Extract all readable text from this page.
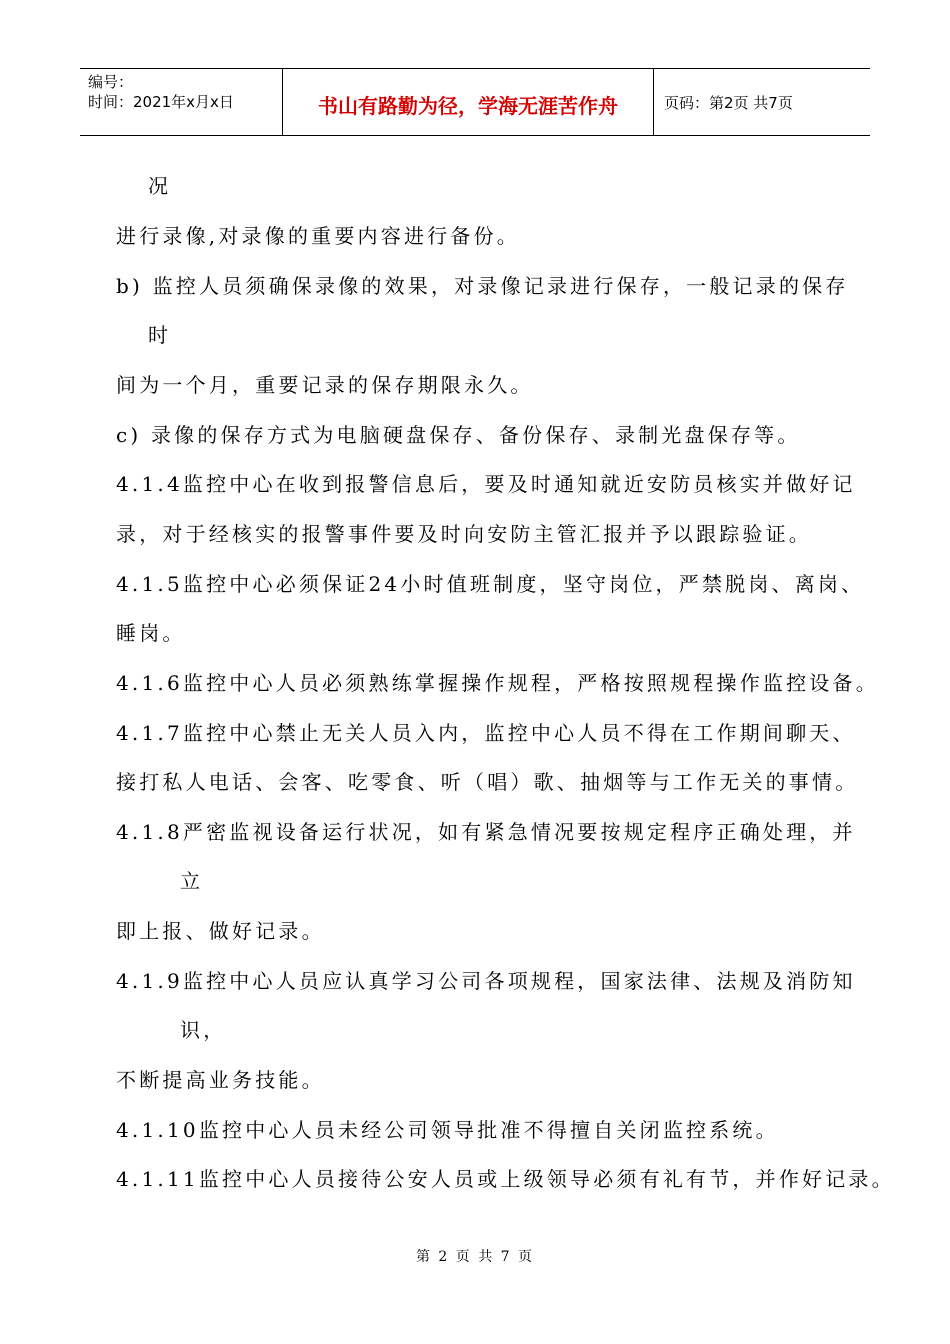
编号：
时间：2021年x月x日	书山有路勤为径，学海无涯苦作舟	页码：第2页 共7页
况
进行录像,对录像的重要内容进行备份。
b) 监控人员须确保录像的效果，对录像记录进行保存，一般记录的保存
时
间为一个月，重要记录的保存期限永久。
c) 录像的保存方式为电脑硬盘保存、备份保存、录制光盘保存等。
4.1.4监控中心在收到报警信息后，要及时通知就近安防员核实并做好记
录，对于经核实的报警事件要及时向安防主管汇报并予以跟踪验证。
4.1.5监控中心必须保证24小时值班制度，坚守岗位，严禁脱岗、离岗、
睡岗。
4.1.6监控中心人员必须熟练掌握操作规程，严格按照规程操作监控设备。
4.1.7监控中心禁止无关人员入内，监控中心人员不得在工作期间聊天、
接打私人电话、会客、吃零食、听（唱）歌、抽烟等与工作无关的事情。
4.1.8严密监视设备运行状况，如有紧急情况要按规定程序正确处理，并
立
即上报、做好记录。
4.1.9监控中心人员应认真学习公司各项规程，国家法律、法规及消防知
识，
不断提高业务技能。
4.1.10监控中心人员未经公司领导批准不得擅自关闭监控系统。
4.1.11监控中心人员接待公安人员或上级领导必须有礼有节，并作好记录。
第 2 页 共 7 页
